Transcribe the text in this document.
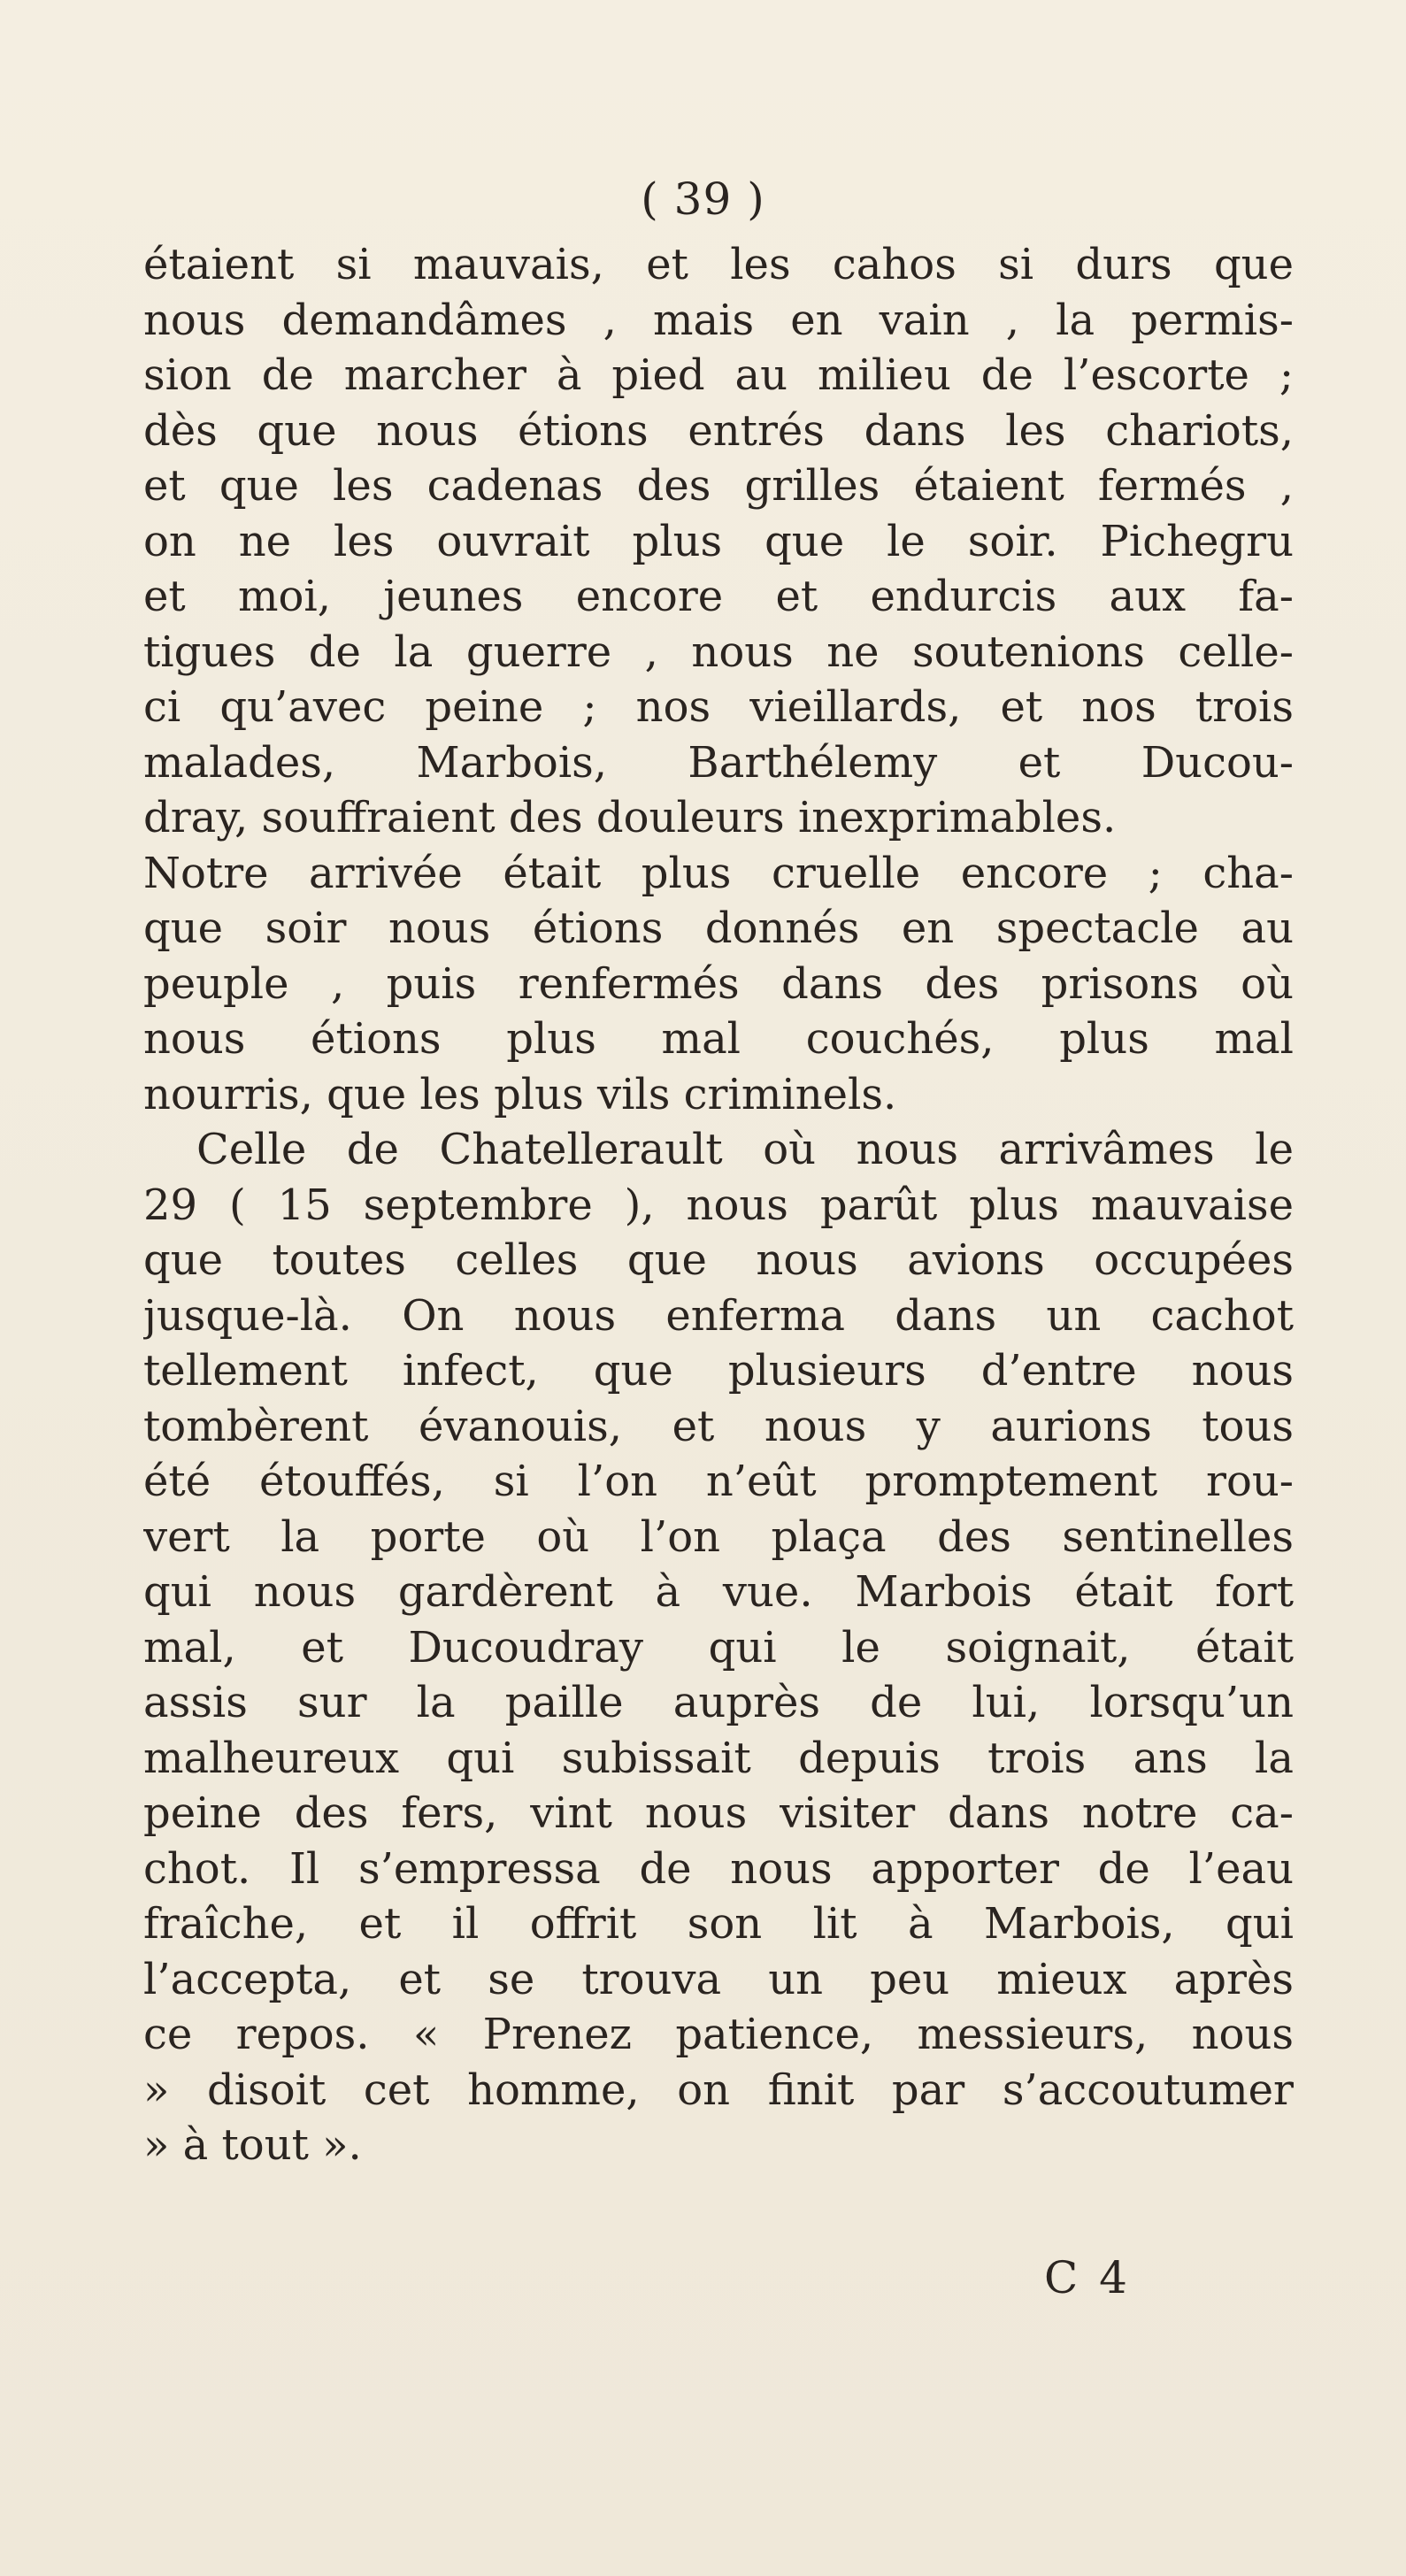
( 39 )
étaient si mauvais, et les cahos si durs que
nous demandâmes , mais en vain , la permis-
sion de marcher à pied au milieu de l’escorte ;
dès que nous étions entrés dans les chariots,
et que les cadenas des grilles étaient fermés ,
on ne les ouvrait plus que le soir. Pichegru
et moi, jeunes encore et endurcis aux fa-
tigues de la guerre , nous ne soutenions celle-
ci qu’avec peine ; nos vieillards, et nos trois
malades, Marbois, Barthélemy et Ducou-
dray, souffraient des douleurs inexprimables.
Notre arrivée était plus cruelle encore ; cha-
que soir nous étions donnés en spectacle au
peuple , puis renfermés dans des prisons où
nous étions plus mal couchés, plus mal
nourris, que les plus vils criminels.
Celle de Chatellerault où nous arrivâmes le
29 ( 15 septembre ), nous parût plus mauvaise
que toutes celles que nous avions occupées
jusque-là. On nous enferma dans un cachot
tellement infect, que plusieurs d’entre nous
tombèrent évanouis, et nous y aurions tous
été étouffés, si l’on n’eût promptement rou-
vert la porte où l’on plaça des sentinelles
qui nous gardèrent à vue. Marbois était fort
mal, et Ducoudray qui le soignait, était
assis sur la paille auprès de lui, lorsqu’un
malheureux qui subissait depuis trois ans la
peine des fers, vint nous visiter dans notre ca-
chot. Il s’empressa de nous apporter de l’eau
fraîche, et il offrit son lit à Marbois, qui
l’accepta, et se trouva un peu mieux après
ce repos. « Prenez patience, messieurs, nous
» disoit cet homme, on finit par s’accoutumer
» à tout ».
C 4
